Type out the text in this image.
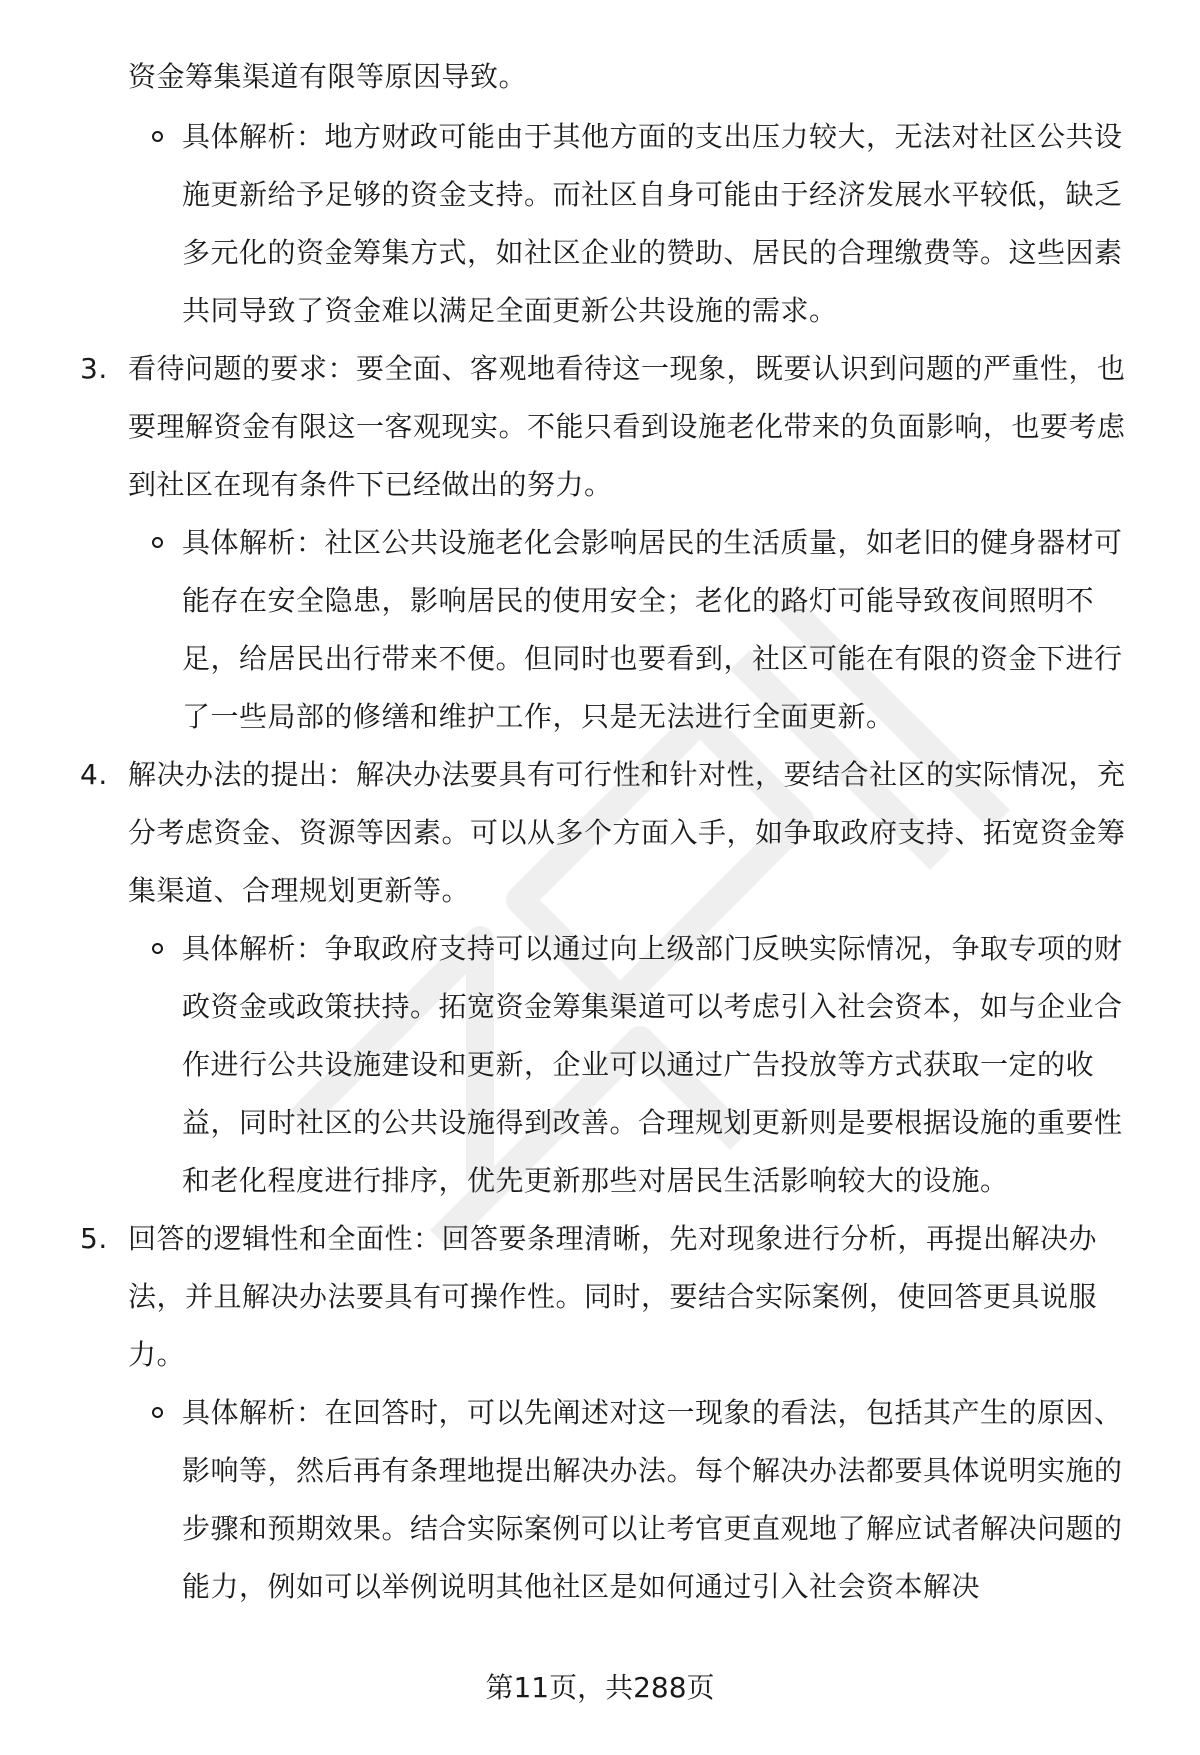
资金筹集渠道有限等原因导致。

具体解析：地方财政可能由于其他方面的支出压力较大，无法对社区公共设施更新给予足够的资金支持。而社区自身可能由于经济发展水平较低，缺乏多元化的资金筹集方式，如社区企业的赞助、居民的合理缴费等。这些因素共同导致了资金难以满足全面更新公共设施的需求。

3. 看待问题的要求：要全面、客观地看待这一现象，既要认识到问题的严重性，也要理解资金有限这一客观现实。不能只看到设施老化带来的负面影响，也要考虑到社区在现有条件下已经做出的努力。

具体解析：社区公共设施老化会影响居民的生活质量，如老旧的健身器材可能存在安全隐患，影响居民的使用安全；老化的路灯可能导致夜间照明不足，给居民出行带来不便。但同时也要看到，社区可能在有限的资金下进行了一些局部的修缮和维护工作，只是无法进行全面更新。

4. 解决办法的提出：解决办法要具有可行性和针对性，要结合社区的实际情况，充分考虑资金、资源等因素。可以从多个方面入手，如争取政府支持、拓宽资金筹集渠道、合理规划更新等。

具体解析：争取政府支持可以通过向上级部门反映实际情况，争取专项的财政资金或政策扶持。拓宽资金筹集渠道可以考虑引入社会资本，如与企业合作进行公共设施建设和更新，企业可以通过广告投放等方式获取一定的收益，同时社区的公共设施得到改善。合理规划更新则是要根据设施的重要性和老化程度进行排序，优先更新那些对居民生活影响较大的设施。

5. 回答的逻辑性和全面性：回答要条理清晰，先对现象进行分析，再提出解决办法，并且解决办法要具有可操作性。同时，要结合实际案例，使回答更具说服力。

具体解析：在回答时，可以先阐述对这一现象的看法，包括其产生的原因、影响等，然后再有条理地提出解决办法。每个解决办法都要具体说明实施的步骤和预期效果。结合实际案例可以让考官更直观地了解应试者解决问题的能力，例如可以举例说明其他社区是如何通过引入社会资本解决

第11页，共288页
